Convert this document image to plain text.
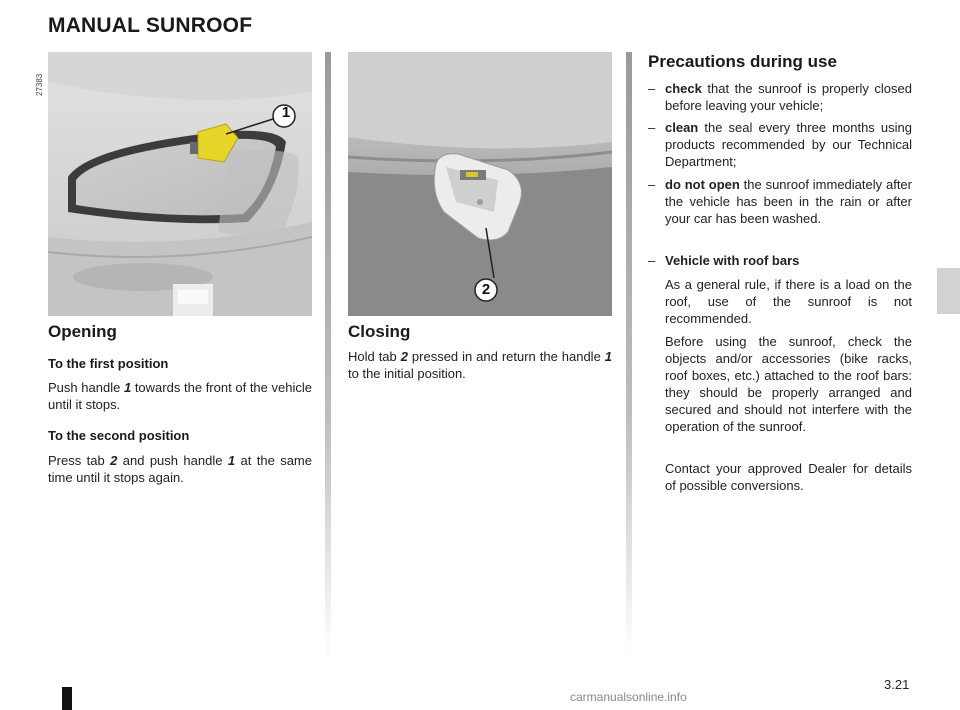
MANUAL SUNROOF
27383
1
2
Opening
To the first position
Push handle 1 towards the front of the vehicle until it stops.
To the second position
Press tab 2 and push handle 1 at the same time until it stops again.
Closing
Hold tab 2 pressed in and return the handle 1 to the initial position.
Precautions during use
– check that the sunroof is properly closed before leaving your vehicle;
– clean the seal every three months using products recommended by our Technical Department;
– do not open the sunroof immediately after the vehicle has been in the rain or after your car has been washed.
– Vehicle with roof bars
As a general rule, if there is a load on the roof, use of the sunroof is not recommended.
Before using the sunroof, check the objects and/or accessories (bike racks, roof boxes, etc.) attached to the roof bars: they should be properly arranged and secured and should not interfere with the operation of the sunroof.
Contact your approved Dealer for details of possible conversions.
3.21
carmanualsonline.info
